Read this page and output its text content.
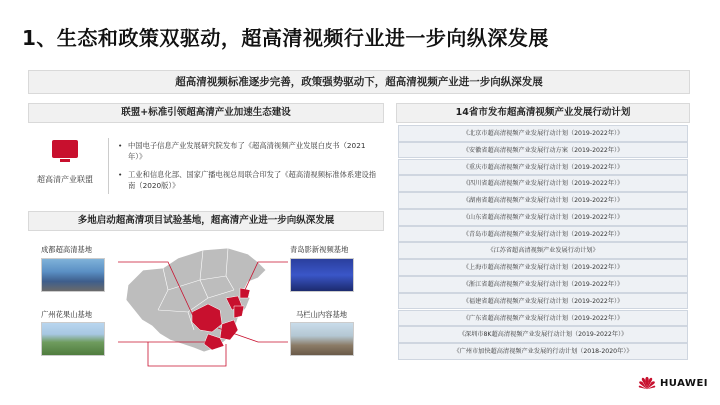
1、生态和政策双驱动，超高清视频行业进一步向纵深发展
超高清视频标准逐步完善，政策强势驱动下，超高清视频产业进一步向纵深发展
联盟+标准引领超高清产业加速生态建设
超高清产业联盟
• 中国电子信息产业发展研究院发布了《超高清视频产业发展白皮书（2021年）》
• 工业和信息化部、国家广播电视总局联合印发了《超高清视频标准体系建设指南（2020版）》
多地启动超高清项目试验基地，超高清产业进一步向纵深发展
成都超高清基地
广州花果山基地
青岛影新视频基地
马栏山内容基地
14省市发布超高清视频产业发展行动计划
《北京市超高清视频产业发展行动计划（2019-2022年）》
《安徽省超高清视频产业发展行动方案（2019-2022年）》
《重庆市超高清视频产业发展行动计划（2019-2022年）》
《四川省超高清视频产业发展行动计划（2019-2022年）》
《湖南省超高清视频产业发展行动计划（2019-2022年）》
《山东省超高清视频产业发展行动计划（2019-2022年）》
《青岛市超高清视频产业发展行动计划（2019-2022年）》
《江苏省超高清视频产业发展行动计划》
《上海市超高清视频产业发展行动计划（2019-2022年）》
《浙江省超高清视频产业发展行动计划（2019-2022年）》
《福建省超高清视频产业发展行动计划（2019-2022年）》
《广东省超高清视频产业发展行动计划（2019-2022年）》
《深圳市8K超高清视频产业发展行动计划（2019-2022年）》
《广州市加快超高清视频产业发展的行动计划（2018-2020年）》
HUAWEI
